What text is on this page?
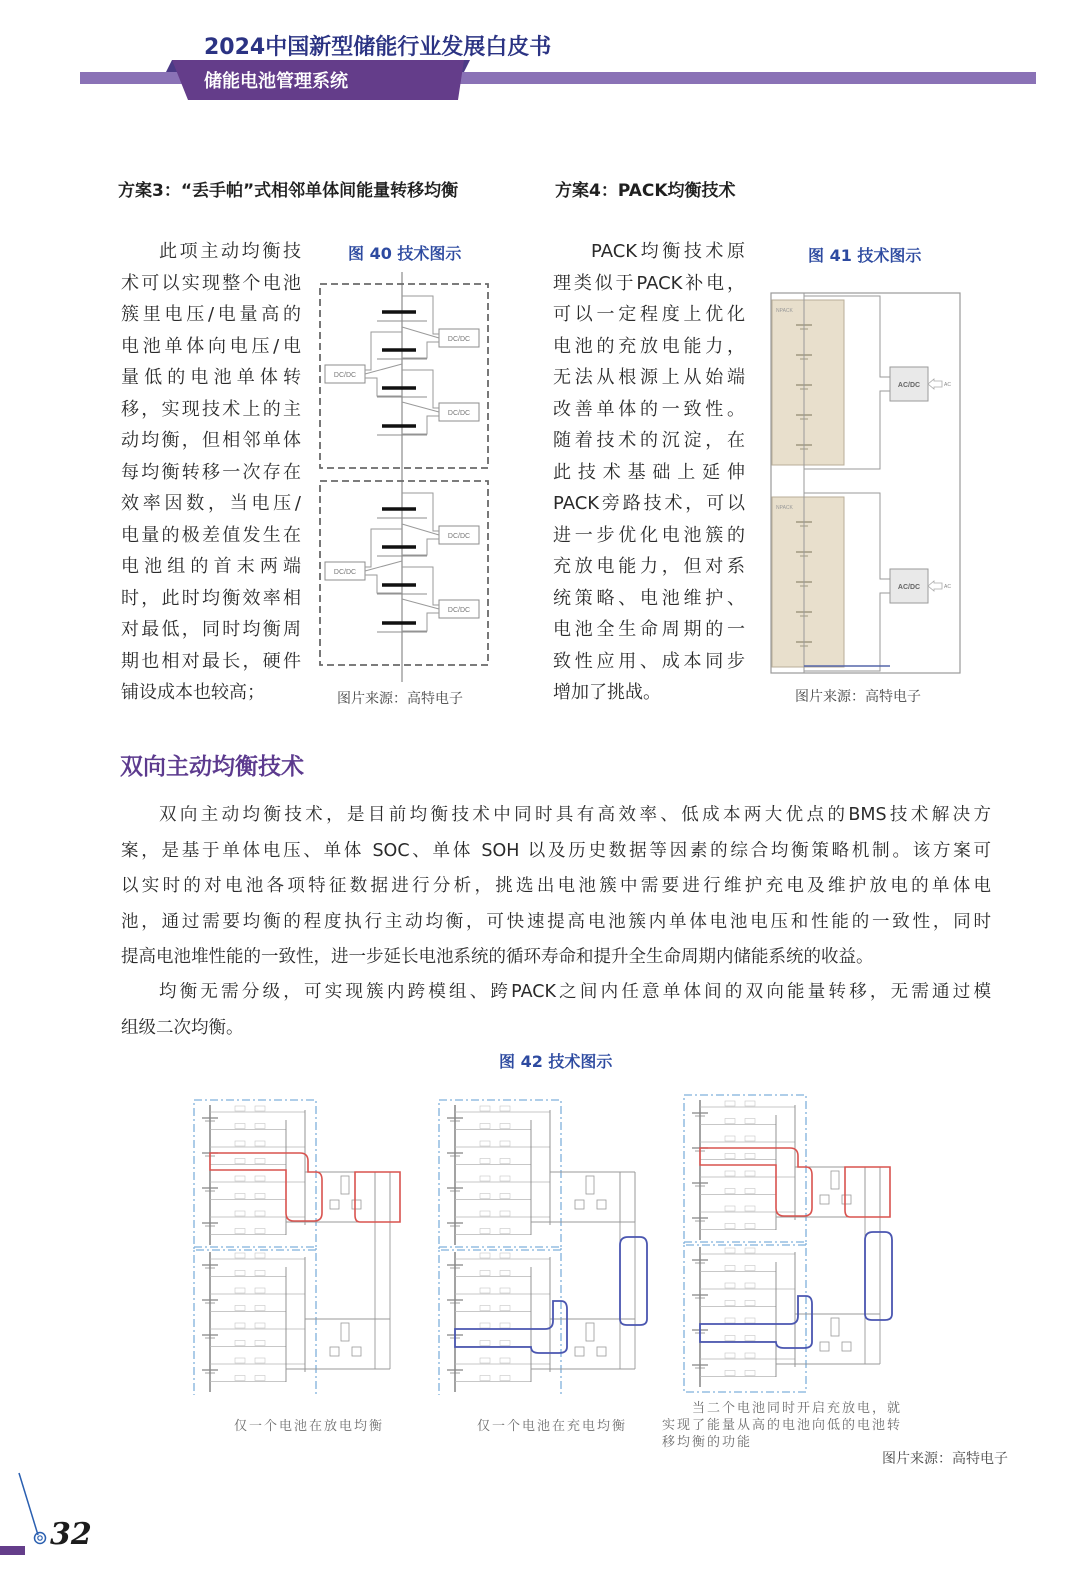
2024中国新型储能行业发展白皮书
储能电池管理系统
方案3：“丢手帕”式相邻单体间能量转移均衡
此项主动均衡技
术可以实现整个电池
簇里电压/电量高的
电池单体向电压/电
量低的电池单体转
移，实现技术上的主
动均衡，但相邻单体
每均衡转移一次存在
效率因数，当电压/
电量的极差值发生在
电池组的首末两端
时，此时均衡效率相
对最低，同时均衡周
期也相对最长，硬件
铺设成本也较高；
图 40 技术图示
DC/DC
DC/DC
DC/DC
DC/DC
DC/DC
DC/DC
图片来源：高特电子
方案4：PACK均衡技术
PACK均衡技术原
理类似于PACK补电，
可以一定程度上优化
电池的充放电能力，
无法从根源上从始端
改善单体的一致性。
随着技术的沉淀，在
此技术基础上延伸
PACK旁路技术，可以
进一步优化电池簇的
充放电能力，但对系
统策略、电池维护、
电池全生命周期的一
致性应用、成本同步
增加了挑战。
图 41 技术图示
NPACK
AC/DC	AC
NPACK
AC/DC	AC
图片来源：高特电子
双向主动均衡技术
双向主动均衡技术，是目前均衡技术中同时具有高效率、低成本两大优点的BMS技术解决方
案，是基于单体电压、单体 SOC、单体 SOH 以及历史数据等因素的综合均衡策略机制。该方案可
以实时的对电池各项特征数据进行分析，挑选出电池簇中需要进行维护充电及维护放电的单体电
池，通过需要均衡的程度执行主动均衡，可快速提高电池簇内单体电池电压和性能的一致性，同时
提高电池堆性能的一致性，进一步延长电池系统的循环寿命和提升全生命周期内储能系统的收益。
均衡无需分级，可实现簇内跨模组、跨PACK之间内任意单体间的双向能量转移，无需通过模
组级二次均衡。
图 42 技术图示
仅一个电池在放电均衡	仅一个电池在充电均衡
当二个电池同时开启充放电，就实现了能量从高的电池向低的电池转移均衡的功能
图片来源：高特电子
32
